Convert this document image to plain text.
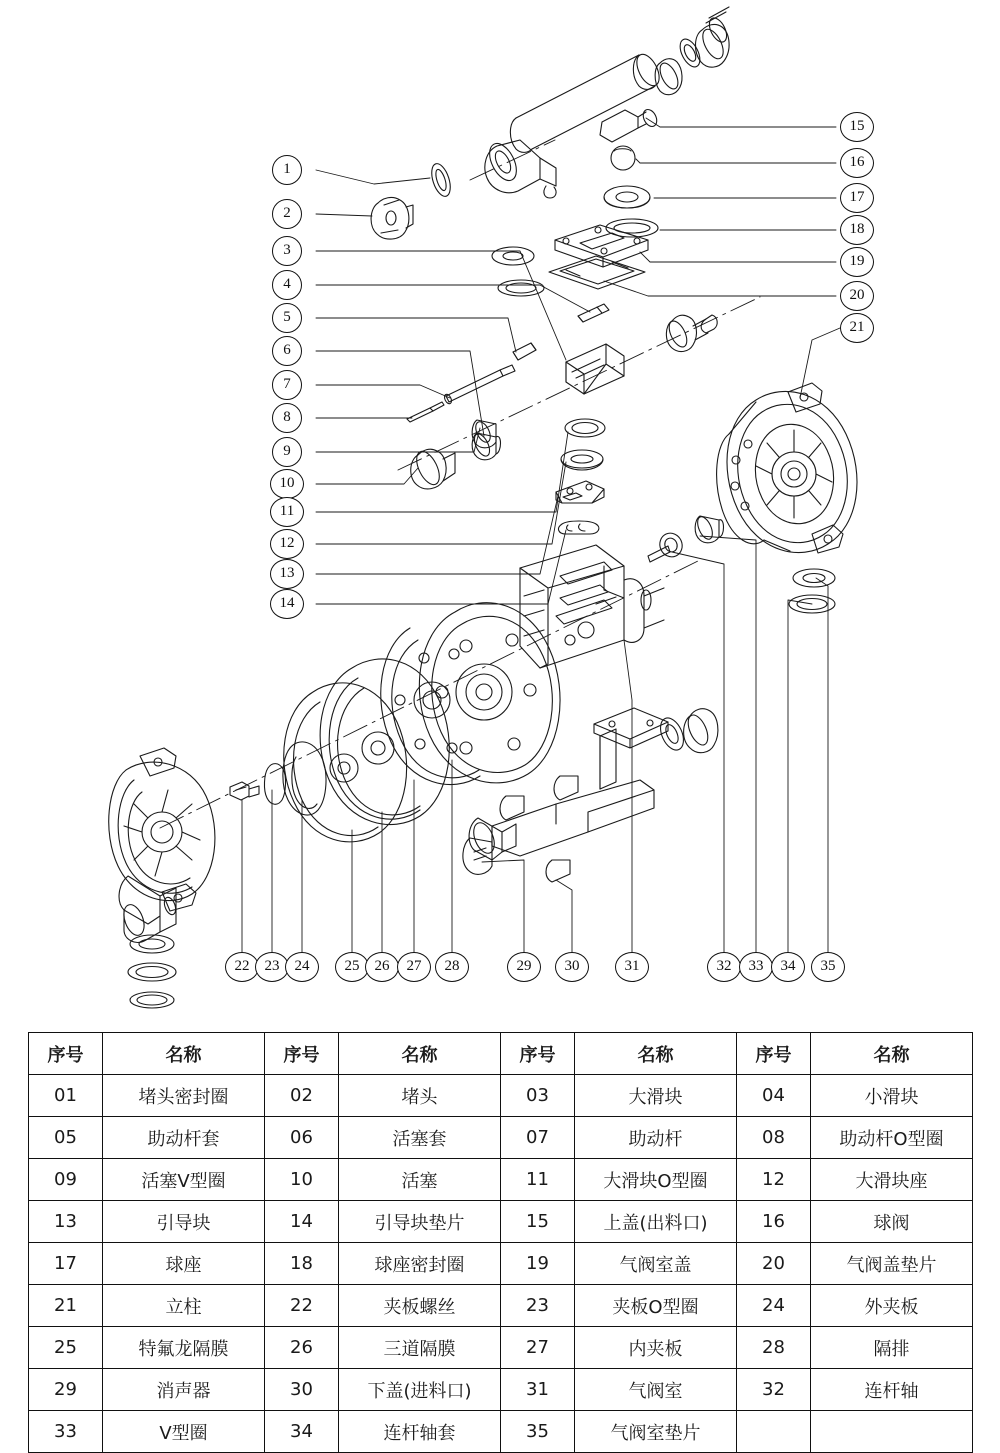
1
2
3
4
5
6
7
8
9
10
11
12
13
14
15
16
17
18
19
20
21
22	23	24	25	26	27	28	29	30	31	32	33	34	35
序号	名称	序号	名称	序号	名称	序号	名称
01	堵头密封圈	02	堵头	03	大滑块	04	小滑块
05	助动杆套	06	活塞套	07	助动杆	08	助动杆O型圈
09	活塞V型圈	10	活塞	11	大滑块O型圈	12	大滑块座
13	引导块	14	引导块垫片	15	上盖(出料口)	16	球阀
17	球座	18	球座密封圈	19	气阀室盖	20	气阀盖垫片
21	立柱	22	夹板螺丝	23	夹板O型圈	24	外夹板
25	特氟龙隔膜	26	三道隔膜	27	内夹板	28	隔排
29	消声器	30	下盖(进料口)	31	气阀室	32	连杆轴
33	V型圈	34	连杆轴套	35	气阀室垫片		
